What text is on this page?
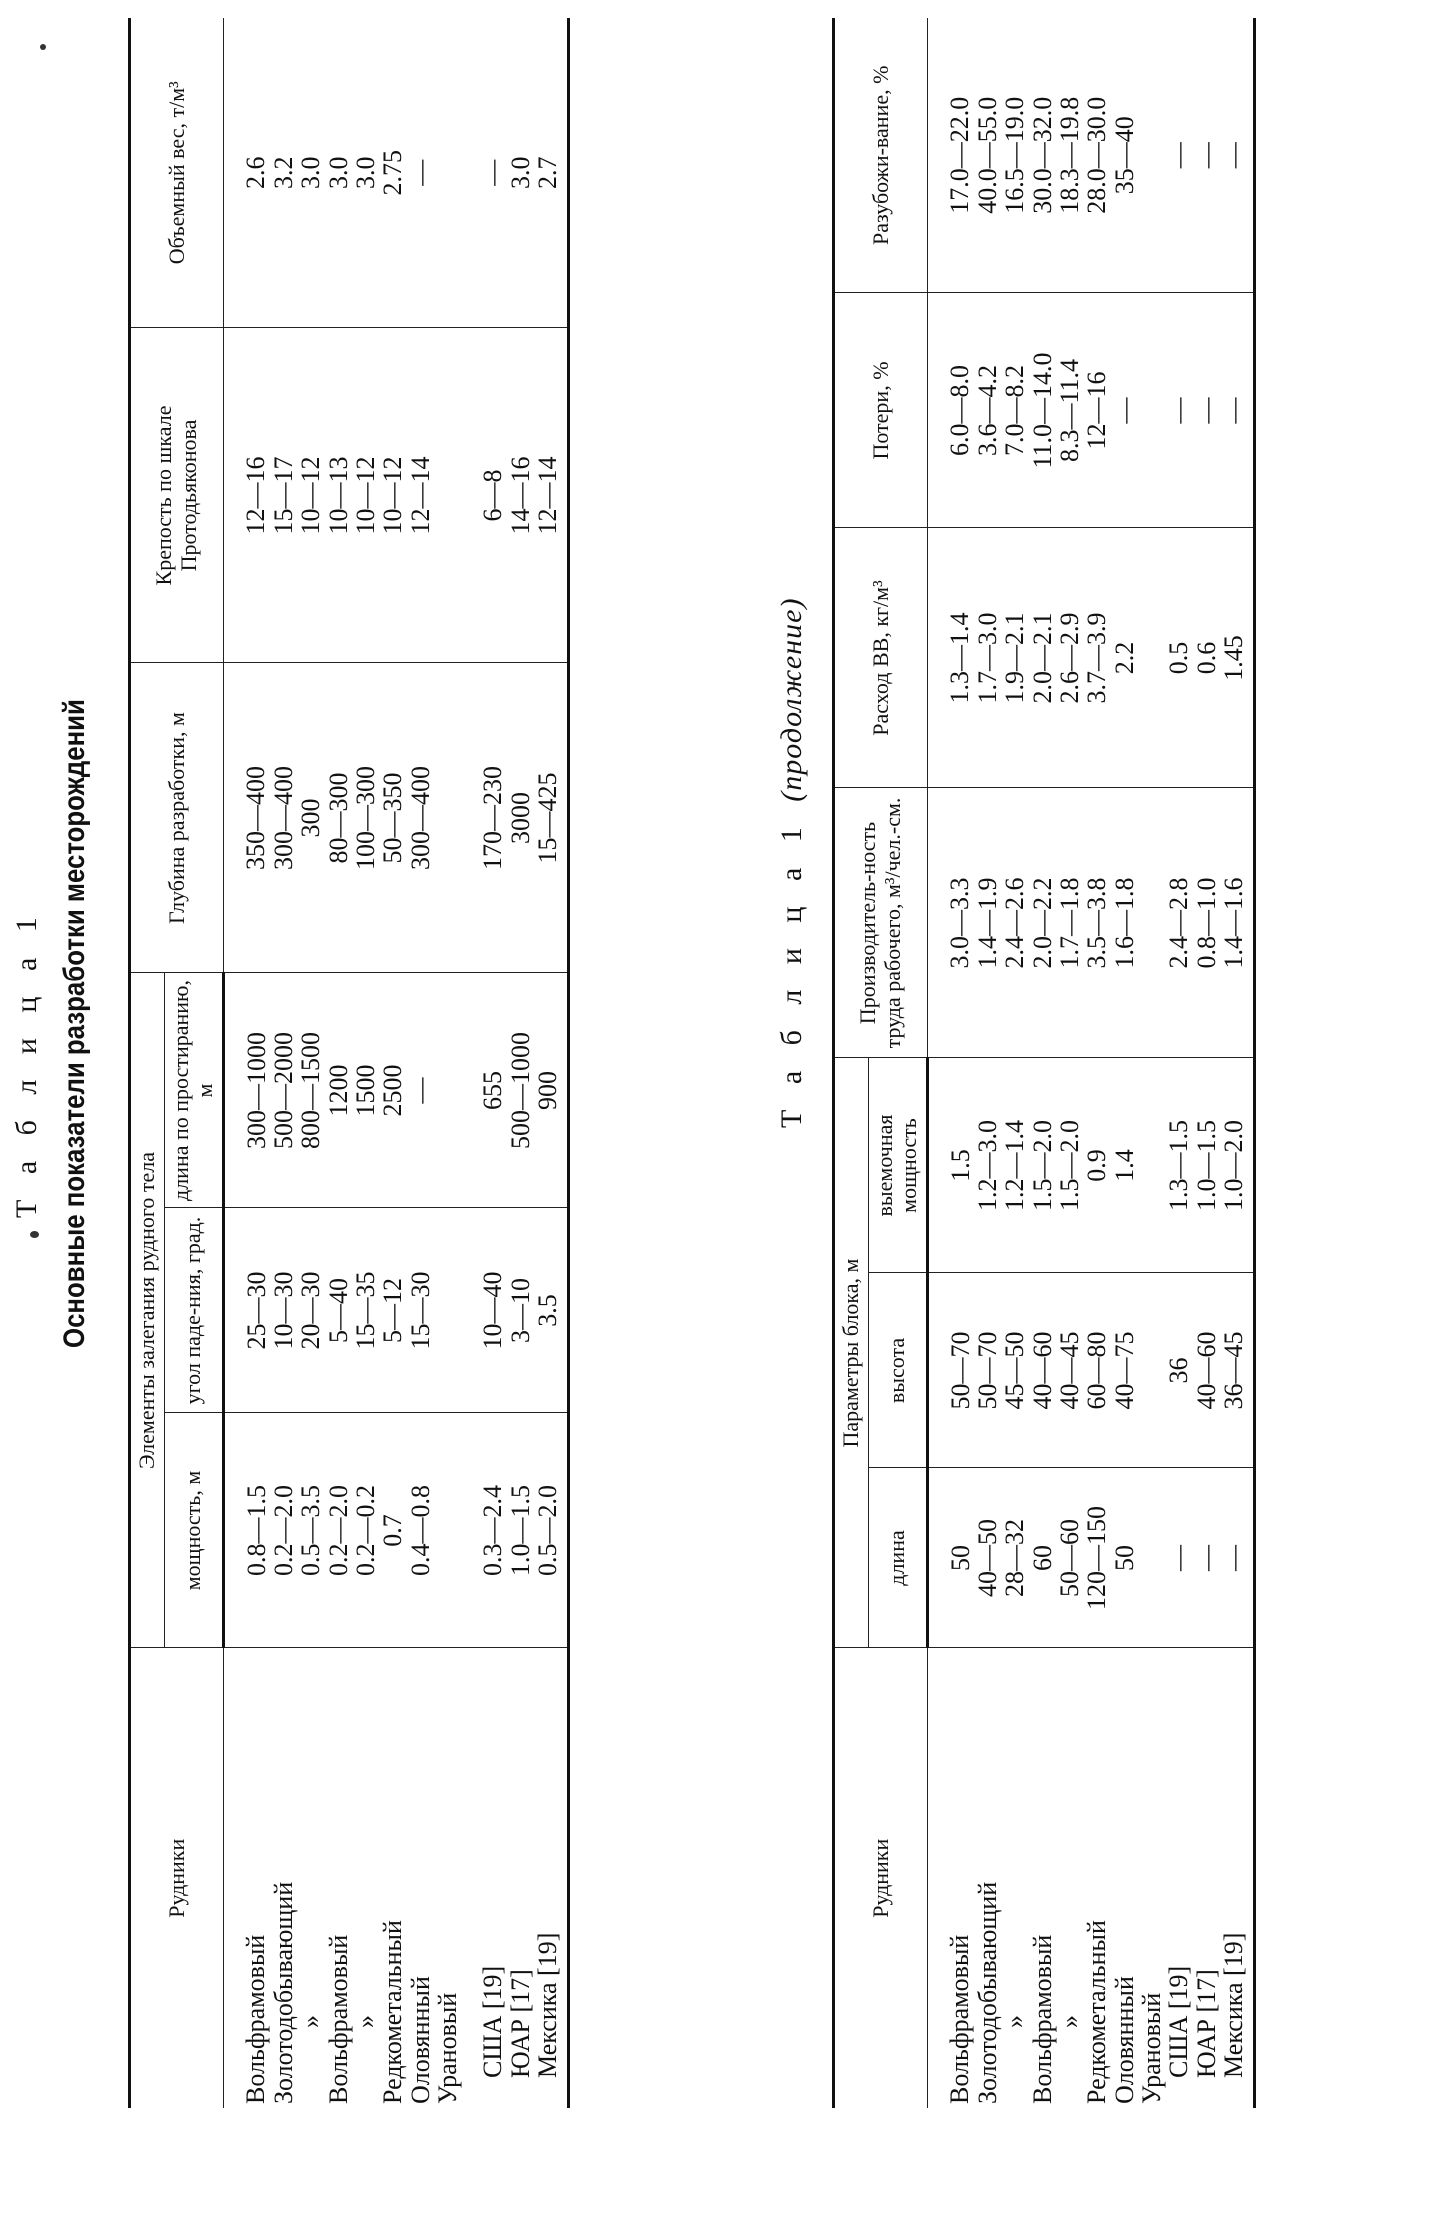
Т а б л и ц а 1 Основные показатели разработки месторождений
Рудники	Элементы залегания рудного тела			Глубина разработки, м	Крепость по шкале Протодьяконова	Объемный вес, т/м³
	мощность, м	угол паде-ния, град.	длина по простиранию, м			
Вольфрамовый	0.8—1.5	25—30	300—1000	350—400	12—16	2.6
Золотодобывающий	0.2—2.0	10—30	500—2000	300—400	15—17	3.2
»	0.5—3.5	20—30	800—1500	300	10—12	3.0
Вольфрамовый	0.2—2.0	5—40	1200	80—300	10—13	3.0
»	0.2—0.2	15—35	1500	100—300	10—12	3.0
Редкометальный	0.7	5—12	2500	50—350	10—12	2.75
Оловянный	0.4—0.8	15—30	—	300—400	12—14	—
Урановый						
США [19]	0.3—2.4	10—40	655	170—230	6—8	—
ЮАР [17]	1.0—1.5	3—10	500—1000	3000	14—16	3.0
Мексика [19]	0.5—2.0	3.5	900	15—425	12—14	2.7
Т а б л и ц а 1 (продолжение)
Рудники	Параметры блока, м			Производитель-ность труда рабочего, м³/чел.-см.	Расход ВВ, кг/м³	Потери, %	Разубожи-вание, %
	длина	высота	выемочная мощность				
Вольфрамовый	50	50—70	1.5	3.0—3.3	1.3—1.4	6.0—8.0	17.0—22.0
Золотодобывающий	40—50	50—70	1.2—3.0	1.4—1.9	1.7—3.0	3.6—4.2	40.0—55.0
»	28—32	45—50	1.2—1.4	2.4—2.6	1.9—2.1	7.0—8.2	16.5—19.0
Вольфрамовый	60	40—60	1.5—2.0	2.0—2.2	2.0—2.1	11.0—14.0	30.0—32.0
»	50—60	40—45	1.5—2.0	1.7—1.8	2.6—2.9	8.3—11.4	18.3—19.8
Редкометальный	120—150	60—80	0.9	3.5—3.8	3.7—3.9	12—16	28.0—30.0
Оловянный	50	40—75	1.4	1.6—1.8	2.2	—	35—40
Урановый							
США [19]	—	36	1.3—1.5	2.4—2.8	0.5	—	—
ЮАР [17]	—	40—60	1.0—1.5	0.8—1.0	0.6	—	—
Мексика [19]	—	36—45	1.0—2.0	1.4—1.6	1.45	—	—
